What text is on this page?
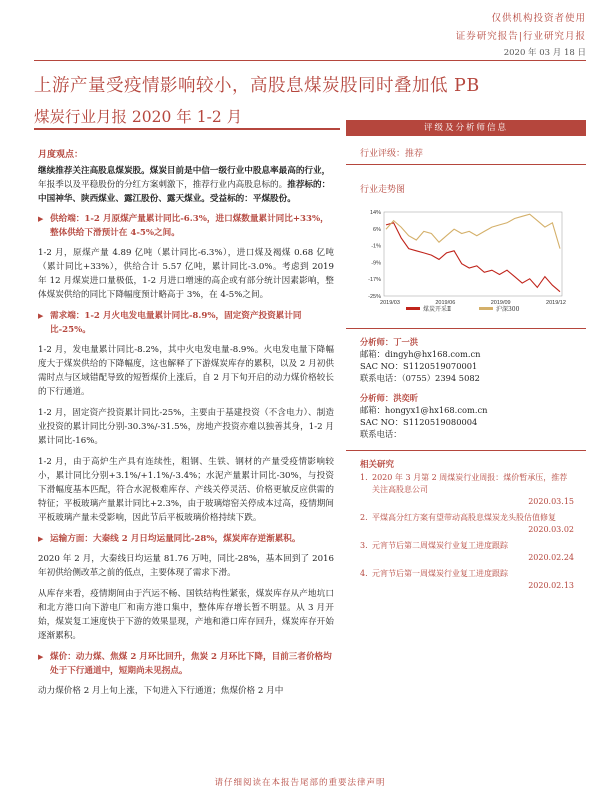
仅供机构投资者使用
证券研究报告|行业研究月报
2020 年 03 月 18 日
上游产量受疫情影响较小，高股息煤炭股同时叠加低 PB
煤炭行业月报 2020 年 1-2 月
月度观点：
继续推荐关注高股息煤炭股。煤炭目前是中信一级行业中股息率最高的行业，年报季以及平稳股份的分红方案刺激下，推荐行业内高股息标的。推荐标的：中国神华、陕西煤业、露江股份、露天煤业。受益标的：平煤股份。
▶ 供给端：1-2 月原煤产量累计同比-6.3%，进口煤数量累计同比+33%，整体供给下滑预计在 4-5%之间。
1-2 月，原煤产量 4.89 亿吨（累计同比-6.3%），进口煤及褐煤 0.68 亿吨（累计同比+33%），供给合计 5.57 亿吨，累计同比-3.0%。考虑到 2019 年 12 月煤炭进口量极低，1-2 月进口增速的高企或有部分统计因素影响，整体煤炭供给的同比下降幅度预计略高于 3%，在 4-5%之间。
▶ 需求端：1-2 月火电发电量累计同比-8.9%，固定资产投资累计同比-25%。
1-2 月，发电量累计同比-8.2%，其中火电发电量-8.9%。火电发电量下降幅度大于煤炭供给的下降幅度，这也解释了下游煤炭库存的累积，以及 2 月初供需时点与区域错配导致的短暂煤价上涨后，自 2 月下旬开启的动力煤价格较长的下行通道。
1-2 月，固定资产投资累计同比-25%，主要由于基建投资（不含电力）、制造业投资的累计同比分别-30.3%/-31.5%，房地产投资亦难以独善其身，1-2 月累计同比-16%。
1-2 月，由于高炉生产具有连续性，粗钢、生铁、钢材的产量受疫情影响较小，累计同比分别+3.1%/+1.1%/-3.4%；水泥产量累计同比-30%，与投资下滑幅度基本匹配，符合水泥极难库存、产线关停灵活、价格更敏反应供需的特征；平板玻璃产量累计同比+2.3%，由于玻璃熔窑关停成本过高，疫情期间平板玻璃产量未受影响，因此节后平板玻璃价格持续下跌。
▶ 运输方面：大秦线 2 月日均运量同比-28%，煤炭库存逆渐累积。
2020 年 2 月，大秦线日均运量 81.76 万吨，同比-28%，基本回到了 2016 年初供给侧改革之前的低点，主要体现了需求下滑。
从库存来看，疫情期间由于汽运不畅、国铁结构性紧张，煤炭库存从产地坑口和北方港口向下游电厂和南方港口集中，整体库存增长暂不明显。从 3 月开始，煤炭复工速度快于下游的效果显现，产地和港口库存回升，煤炭库存开始逐渐累积。
▶ 煤价：动力煤、焦煤 2 月环比回升，焦炭 2 月环比下降，目前三者价格均处于下行通道中，短期尚未见拐点。
动力煤价格 2 月上旬上涨，下旬进入下行通道；焦煤价格 2 月中
评级及分析师信息
行业评级：推荐
行业走势图
14%
6%
-1%
-9%
-17%
-25%
2019/03	2019/06	2019/09	2019/12
煤炭开采Ⅱ	沪深300
分析师：丁一洪
邮箱：dingyh@hx168.com.cn
SAC NO：S1120519070001
联系电话：（0755）2394 5082
分析师：洪奕昕
邮箱：hongyx1@hx168.com.cn
SAC NO：S1120519080004
联系电话：
相关研究
1. 2020 年 3 月第 2 周煤炭行业周报：煤价暂承压，推荐关注高股息公司
2020.03.15
2. 平煤高分红方案有望带动高股息煤炭龙头股估值修复
2020.03.02
3. 元宵节后第二周煤炭行业复工进度跟踪
2020.02.24
4. 元宵节后第一周煤炭行业复工进度跟踪
2020.02.13
请仔细阅读在本报告尾部的重要法律声明
